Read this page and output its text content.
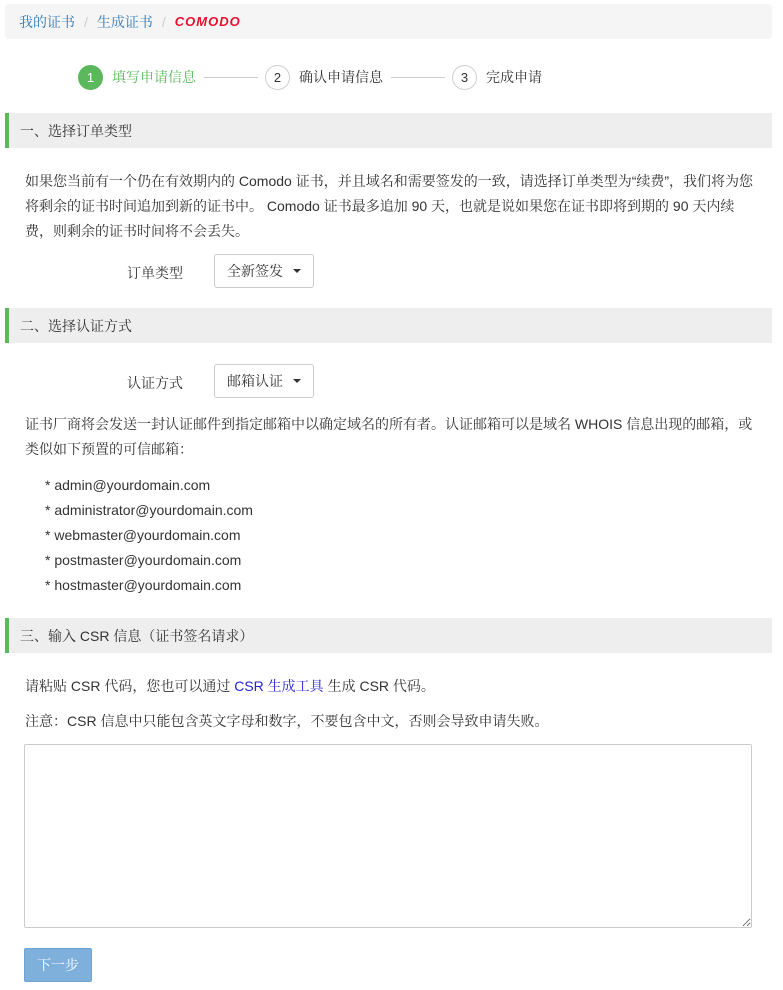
我的证书 / 生成证书 / COMODO
1	填写申请信息	2	确认申请信息	3	完成申请
一、选择订单类型

如果您当前有一个仍在有效期内的 Comodo 证书，并且域名和需要签发的一致，请选择订单类型为“续费”，我们将为您将剩余的证书时间追加到新的证书中。 Comodo 证书最多追加 90 天，也就是说如果您在证书即将到期的 90 天内续费，则剩余的证书时间将不会丢失。

订单类型	全新签发
二、选择认证方式
认证方式	邮箱认证

证书厂商将会发送一封认证邮件到指定邮箱中以确定域名的所有者。认证邮箱可以是域名 WHOIS 信息出现的邮箱，或类似如下预置的可信邮箱：

* admin@yourdomain.com
* administrator@yourdomain.com
* webmaster@yourdomain.com
* postmaster@yourdomain.com
* hostmaster@yourdomain.com
三、输入 CSR 信息（证书签名请求）

请粘贴 CSR 代码，您也可以通过 CSR 生成工具 生成 CSR 代码。

注意：CSR 信息中只能包含英文字母和数字，不要包含中文，否则会导致申请失败。

下一步
